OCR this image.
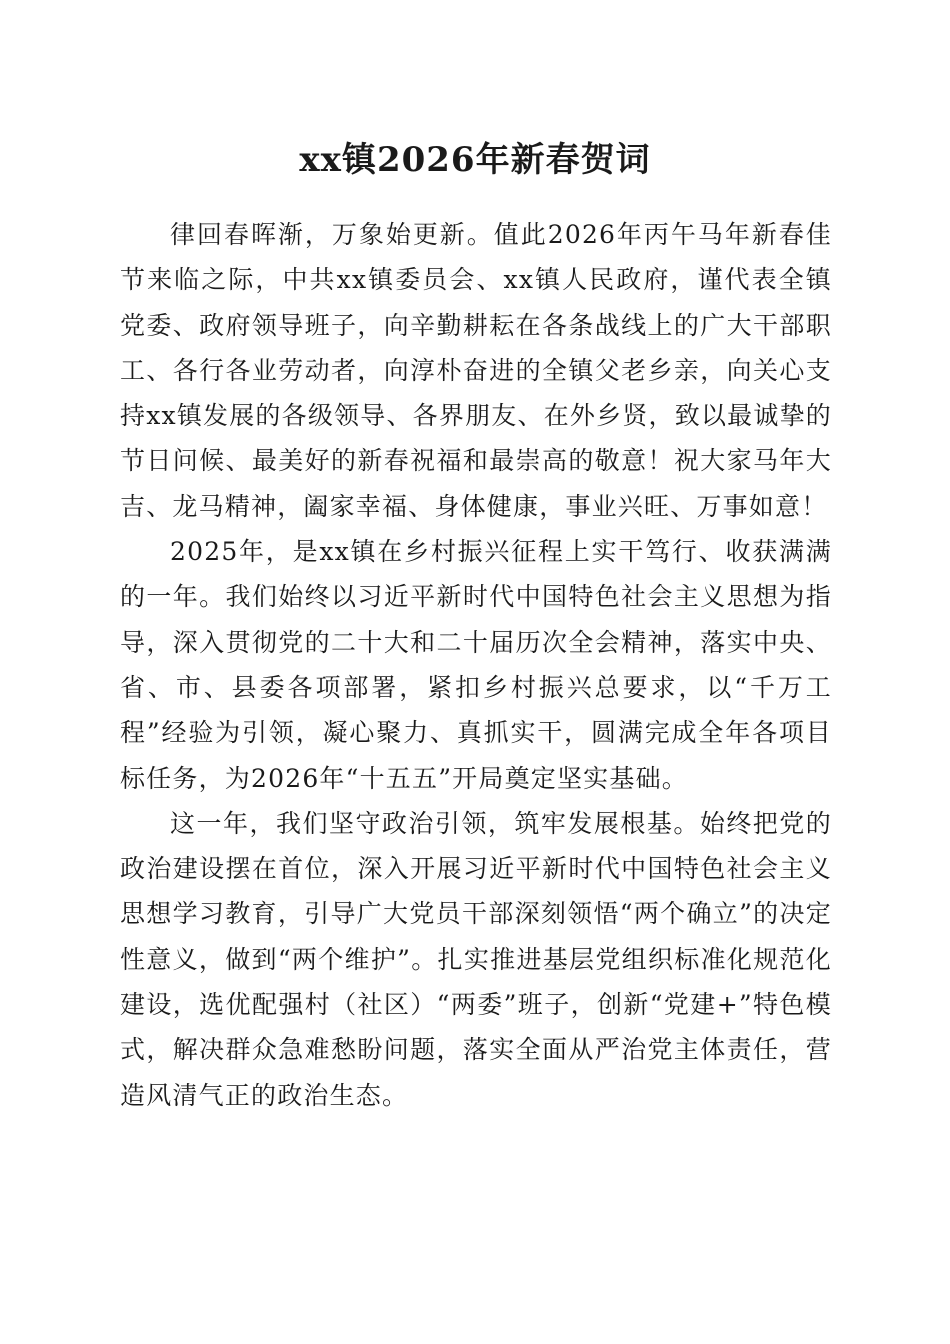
xx镇2026年新春贺词

律回春晖渐，万象始更新。值此2026年丙午马年新春佳节来临之际，中共xx镇委员会、xx镇人民政府，谨代表全镇党委、政府领导班子，向辛勤耕耘在各条战线上的广大干部职工、各行各业劳动者，向淳朴奋进的全镇父老乡亲，向关心支持xx镇发展的各级领导、各界朋友、在外乡贤，致以最诚挚的节日问候、最美好的新春祝福和最崇高的敬意！祝大家马年大吉、龙马精神，阖家幸福、身体健康，事业兴旺、万事如意！

2025年，是xx镇在乡村振兴征程上实干笃行、收获满满的一年。我们始终以习近平新时代中国特色社会主义思想为指导，深入贯彻党的二十大和二十届历次全会精神，落实中央、省、市、县委各项部署，紧扣乡村振兴总要求，以“千万工程”经验为引领，凝心聚力、真抓实干，圆满完成全年各项目标任务，为2026年“十五五”开局奠定坚实基础。

这一年，我们坚守政治引领，筑牢发展根基。始终把党的政治建设摆在首位，深入开展习近平新时代中国特色社会主义思想学习教育，引导广大党员干部深刻领悟“两个确立”的决定性意义，做到“两个维护”。扎实推进基层党组织标准化规范化建设，选优配强村（社区）“两委”班子，创新“党建+”特色模式，解决群众急难愁盼问题，落实全面从严治党主体责任，营造风清气正的政治生态。
